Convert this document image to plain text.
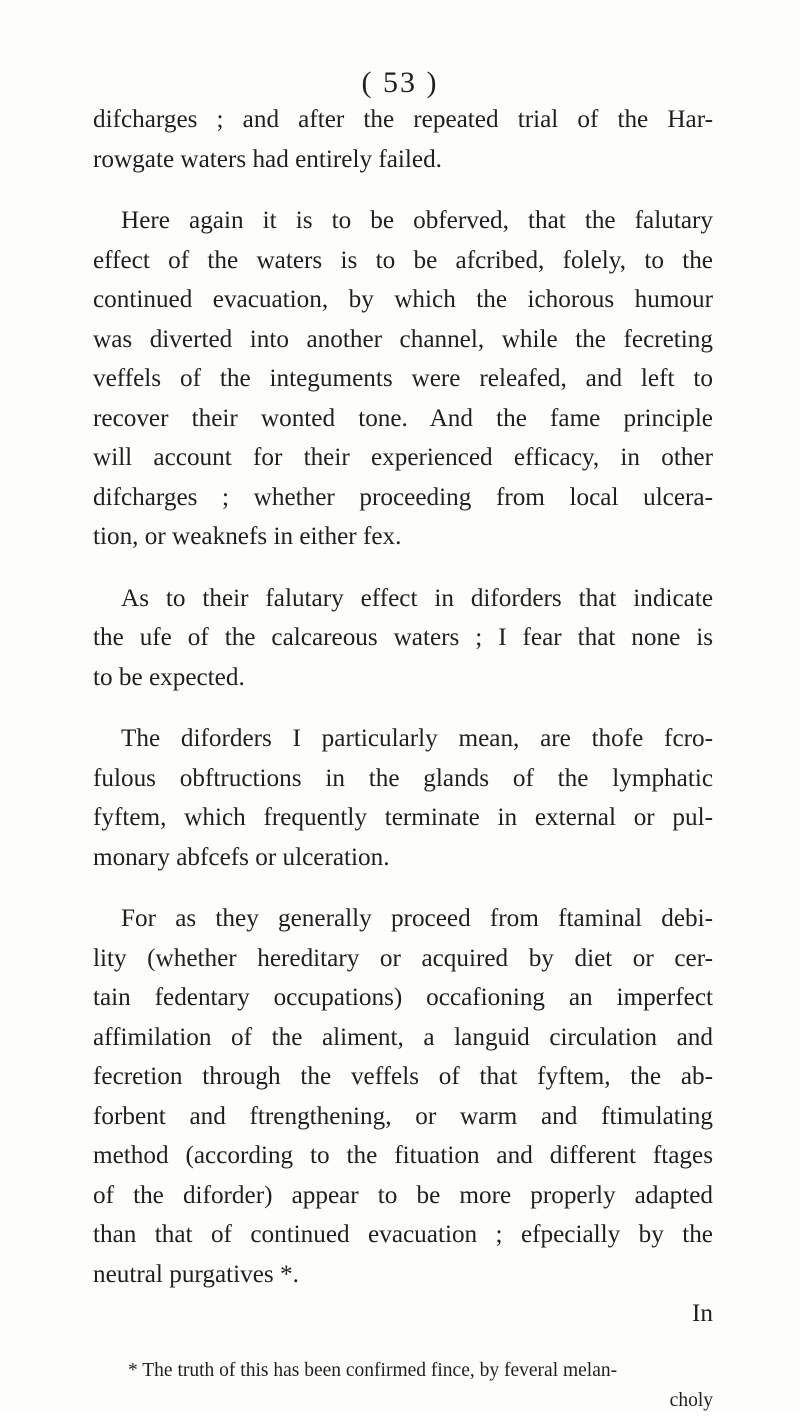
( 53 )
difcharges ; and after the repeated trial of the Har-
rowgate waters had entirely failed.
Here again it is to be obferved, that the falutary
effect of the waters is to be afcribed, folely, to the
continued evacuation, by which the ichorous humour
was diverted into another channel, while the fecreting
veffels of the integuments were releafed, and left to
recover their wonted tone. And the fame principle
will account for their experienced efficacy, in other
difcharges ; whether proceeding from local ulcera-
tion, or weaknefs in either fex.
As to their falutary effect in diforders that indicate
the ufe of the calcareous waters ; I fear that none is
to be expected.
The diforders I particularly mean, are thofe fcro-
fulous obftructions in the glands of the lymphatic
fyftem, which frequently terminate in external or pul-
monary abfcefs or ulceration.
For as they generally proceed from ftaminal debi-
lity (whether hereditary or acquired by diet or cer-
tain fedentary occupations) occafioning an imperfect
affimilation of the aliment, a languid circulation and
fecretion through the veffels of that fyftem, the ab-
forbent and ftrengthening, or warm and ftimulating
method (according to the fituation and different ftages
of the diforder) appear to be more properly adapted
than that of continued evacuation ; efpecially by the
neutral purgatives *.
In
* The truth of this has been confirmed fince, by feveral melan-
choly
